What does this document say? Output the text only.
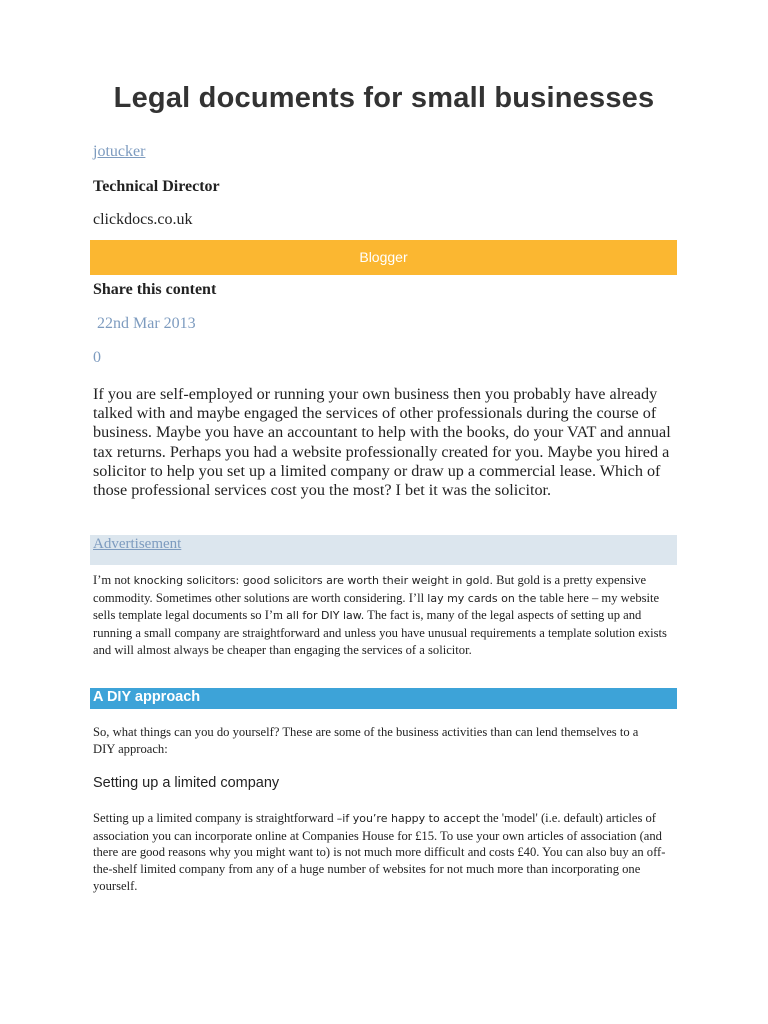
Legal documents for small businesses
jotucker
Technical Director
clickdocs.co.uk
Blogger
Share this content
22nd Mar 2013
0
If you are self-employed or running your own business then you probably have already talked with and maybe engaged the services of other professionals during the course of business. Maybe you have an accountant to help with the books, do your VAT and annual tax returns. Perhaps you had a website professionally created for you. Maybe you hired a solicitor to help you set up a limited company or draw up a commercial lease. Which of those professional services cost you the most? I bet it was the solicitor.
Advertisement
I’m not knocking solicitors: good solicitors are worth their weight in gold. But gold is a pretty expensive commodity. Sometimes other solutions are worth considering. I’ll lay my cards on the table here – my website sells template legal documents so I’m all for DIY law. The fact is, many of the legal aspects of setting up and running a small company are straightforward and unless you have unusual requirements a template solution exists and will almost always be cheaper than engaging the services of a solicitor.
A DIY approach
So, what things can you do yourself? These are some of the business activities than can lend themselves to a DIY approach:
Setting up a limited company
Setting up a limited company is straightforward –if you’re happy to accept the 'model' (i.e. default) articles of association you can incorporate online at Companies House for £15. To use your own articles of association (and there are good reasons why you might want to) is not much more difficult and costs £40. You can also buy an off-the-shelf limited company from any of a huge number of websites for not much more than incorporating one yourself.
